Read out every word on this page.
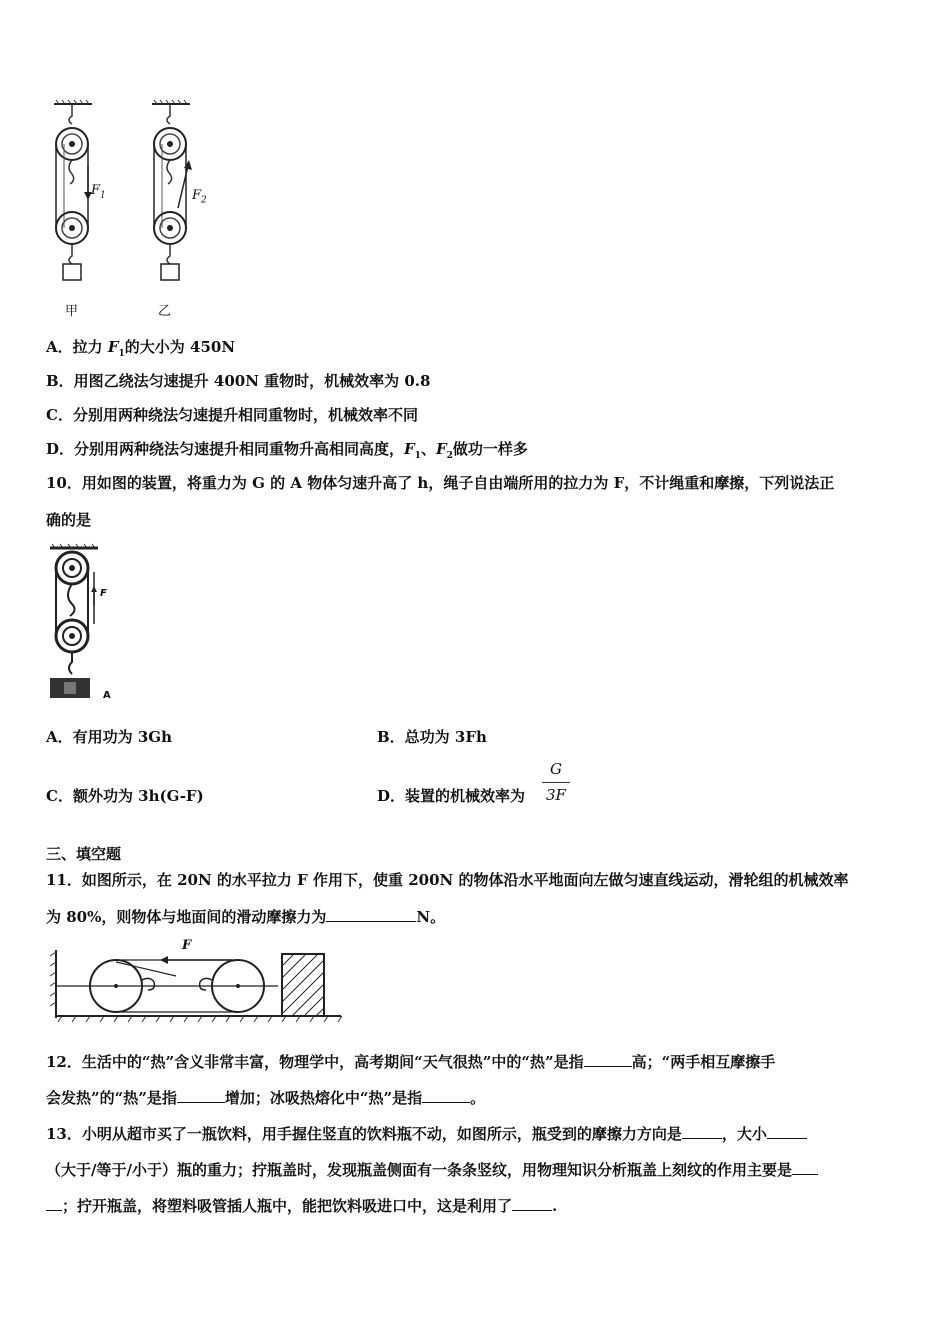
$F_1$	$F_2$
甲	乙
A．拉力 $F_1$的大小为 450N
B．用图乙绕法匀速提升 400N 重物时，机械效率为 0.8
C．分别用两种绕法匀速提升相同重物时，机械效率不同
D．分别用两种绕法匀速提升相同重物升高相同高度，$F_1$、$F_2$做功一样多
10．用如图的装置，将重力为 G 的 A 物体匀速升高了 h，绳子自由端所用的拉力为 F，不计绳重和摩擦，下列说法正
确的是
F
A
A．有用功为 3Gh	B．总功为 3Fh
C．额外功为 3h(G-F)	D．装置的机械效率为
G
3F
三、填空题
11．如图所示，在 20N 的水平拉力 F 作用下，使重 200N 的物体沿水平地面向左做匀速直线运动，滑轮组的机械效率
为 80%，则物体与地面间的滑动摩擦力为	N。
F
12．生活中的“热”含义非常丰富，物理学中，高考期间“天气很热”中的“热”是指	高；“两手相互摩擦手
会发热”的“热”是指	增加；冰吸热熔化中“热”是指	。
13．小明从超市买了一瓶饮料，用手握住竖直的饮料瓶不动，如图所示，瓶受到的摩擦力方向是	，大小
（大于/等于/小于）瓶的重力；拧瓶盖时，发现瓶盖侧面有一条条竖纹，用物理知识分析瓶盖上刻纹的作用主要是
；拧开瓶盖，将塑料吸管插人瓶中，能把饮料吸进口中，这是利用了	.
